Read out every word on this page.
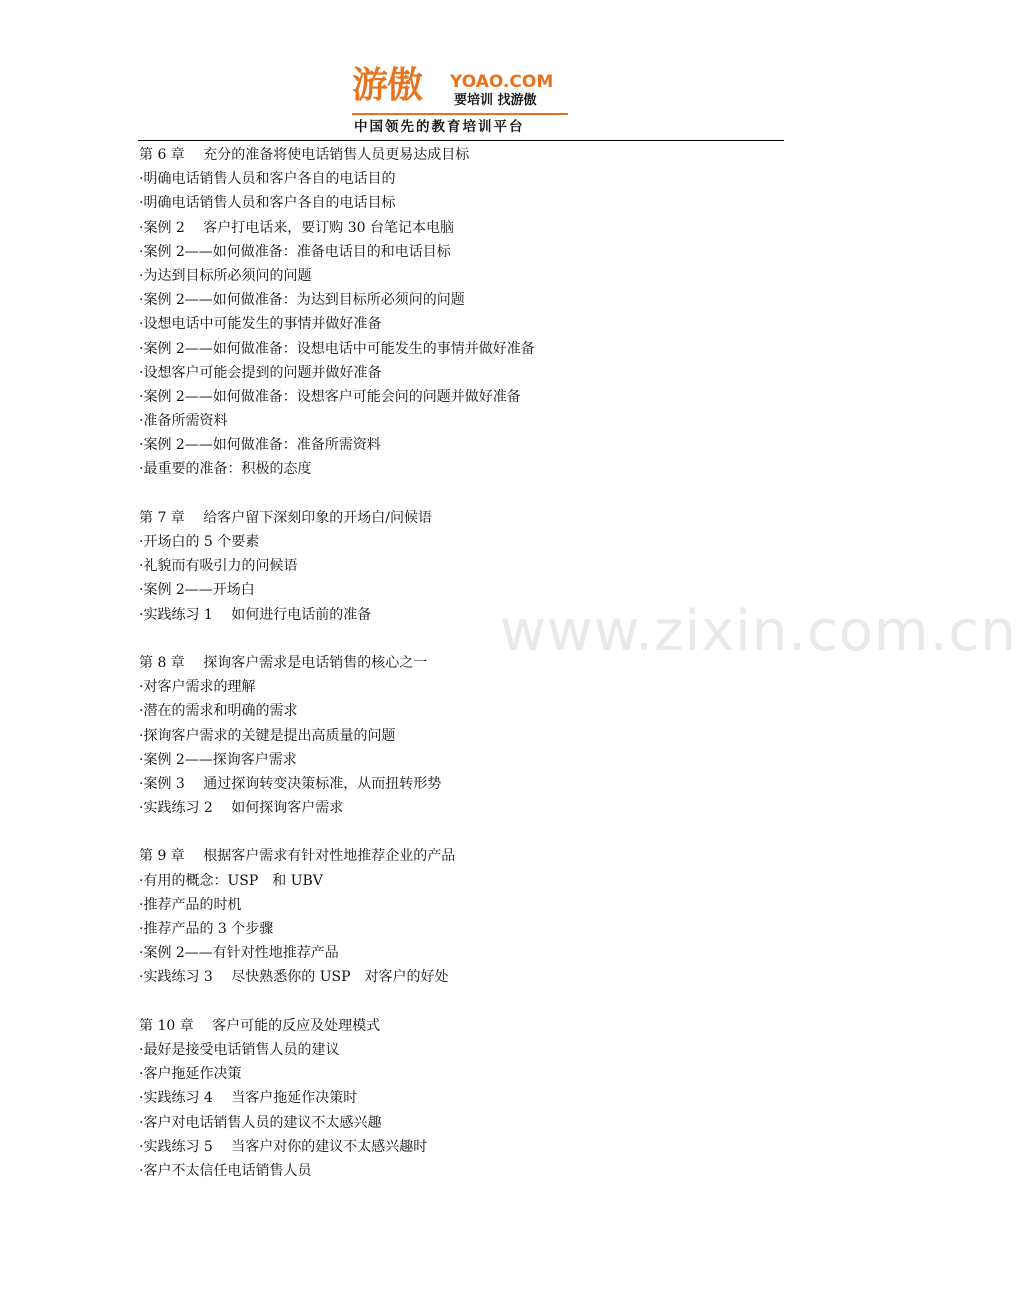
游傲 YOAO.COM
要培训 找游傲
中国领先的教育培训平台
www.zixin.com.cn
第 6 章　 充分的准备将使电话销售人员更易达成目标
·明确电话销售人员和客户各自的电话目的
·明确电话销售人员和客户各自的电话目标
·案例 2　 客户打电话来，要订购 30 台笔记本电脑
·案例 2——如何做准备：准备电话目的和电话目标
·为达到目标所必须问的问题
·案例 2——如何做准备：为达到目标所必须问的问题
·设想电话中可能发生的事情并做好准备
·案例 2——如何做准备：设想电话中可能发生的事情并做好准备
·设想客户可能会提到的问题并做好准备
·案例 2——如何做准备：设想客户可能会问的问题并做好准备
·准备所需资料
·案例 2——如何做准备：准备所需资料
·最重要的准备：积极的态度
第 7 章　 给客户留下深刻印象的开场白/问候语
·开场白的 5 个要素
·礼貌而有吸引力的问候语
·案例 2——开场白
·实践练习 1　 如何进行电话前的准备
第 8 章　 探询客户需求是电话销售的核心之一
·对客户需求的理解
·潜在的需求和明确的需求
·探询客户需求的关键是提出高质量的问题
·案例 2——探询客户需求
·案例 3　 通过探询转变决策标准，从而扭转形势
·实践练习 2　 如何探询客户需求
第 9 章　 根据客户需求有针对性地推荐企业的产品
·有用的概念：USP　和 UBV
·推荐产品的时机
·推荐产品的 3 个步骤
·案例 2——有针对性地推荐产品
·实践练习 3　 尽快熟悉你的 USP　对客户的好处
第 10 章　 客户可能的反应及处理模式
·最好是接受电话销售人员的建议
·客户拖延作决策
·实践练习 4　 当客户拖延作决策时
·客户对电话销售人员的建议不太感兴趣
·实践练习 5　 当客户对你的建议不太感兴趣时
·客户不太信任电话销售人员
